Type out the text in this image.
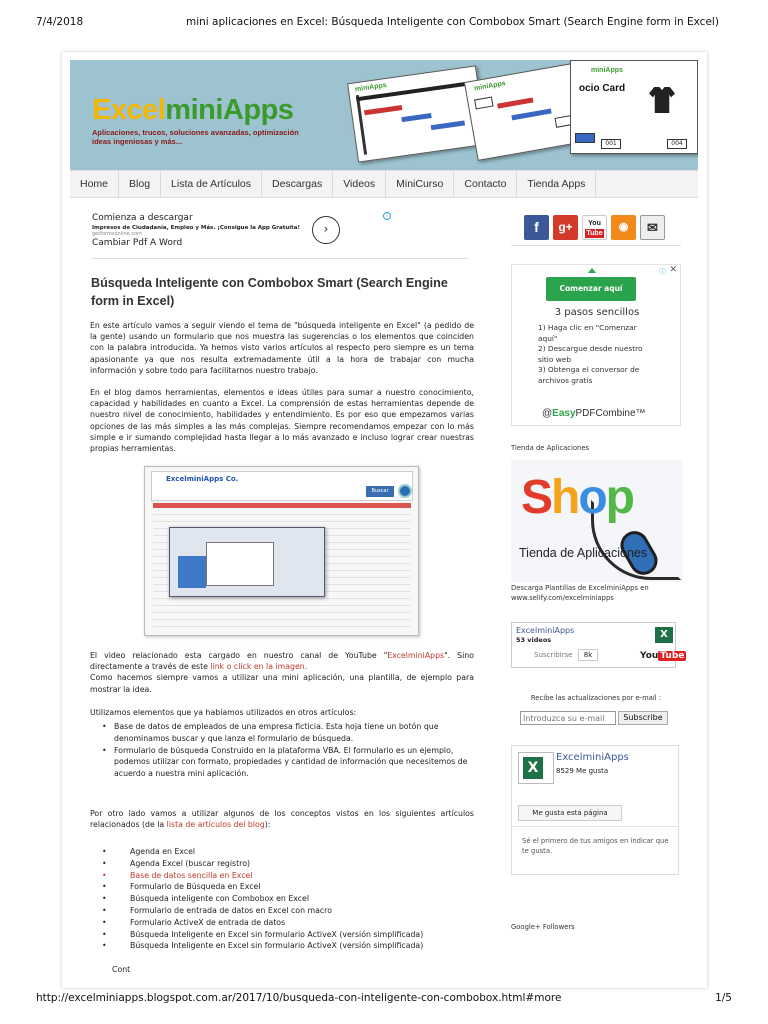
7/4/2018	mini aplicaciones en Excel: Búsqueda Inteligente con Combobox Smart (Search Engine form in Excel)
ExcelminiApps
Aplicaciones, trucos, soluciones avanzadas, optimización ideas ingeniosas y más...
miniApps	miniApps
miniApps
ocio Card
001	004
Home	Blog	Lista de Artículos	Descargas	Videos	MiniCurso	Contacto	Tienda Apps
Comienza a descargar
Impresos de Ciudadanía, Empleo y Más. ¡Consigue la App Gratuita!
getformsonline.com
Cambiar Pdf A Word
›
i
Búsqueda Inteligente con Combobox Smart (Search Engine form in Excel)

En este artículo vamos a seguir viendo el tema de "búsqueda inteligente en Excel" (a pedido de la gente) usando un formulario que nos muestra las sugerencias o los elementos que coinciden con la palabra introducida. Ya hemos visto varios artículos al respecto pero siempre es un tema apasionante ya que nos resulta extremadamente útil a la hora de trabajar con mucha información y sobre todo para facilitarnos nuestro trabajo.

En el blog damos herramientas, elementos e ideas útiles para sumar a nuestro conocimiento, capacidad y habilidades en cuanto a Excel. La comprensión de estas herramientas depende de nuestro nivel de conocimiento, habilidades y entendimiento. Es por eso que empezamos varias opciones de las más simples a las más complejas. Siempre recomendamos empezar con lo más simple e ir sumando complejidad hasta llegar a lo más avanzado e incluso lograr crear nuestras propias herramientas.

ExcelminiApps Co.
Buscar

El video relacionado esta cargado en nuestro canal de YouTube "ExcelminiApps". Sino directamente a través de este link o click en la imagen.
Como hacemos siempre vamos a utilizar una mini aplicación, una plantilla, de ejemplo para mostrar la idea.

Utilizamos elementos que ya habíamos utilizados en otros artículos:

• Base de datos de empleados de una empresa ficticia. Esta hoja tiene un botón que denominamos buscar y que lanza el formulario de búsqueda.
• Formulario de búsqueda Construido en la plataforma VBA. El formulario es un ejemplo, podemos utilizar con formato, propiedades y cantidad de información que necesitemos de acuerdo a nuestra mini aplicación.

Por otro lado vamos a utilizar algunos de los conceptos vistos en los siguientes artículos relacionados (de la lista de artículos del blog):

• Agenda en Excel
• Agenda Excel (buscar registro)
• Base de datos sencilla en Excel
• Formulario de Búsqueda en Excel
• Búsqueda inteligente con Combobox en Excel
• Formulario de entrada de datos en Excel con macro
• Formulario ActiveX de entrada de datos
• Búsqueda Inteligente en Excel sin formulario ActiveX (versión simplificada)
• Búsqueda Inteligente en Excel sin formulario ActiveX (versión simplificada)
Cont
f	g+	You
Tube
◉	✉
ⓘ ✕
Comenzar aquí
3 pasos sencillos
1) Haga clic en "Comenzar aquí"
2) Descargue desde nuestro sitio web
3) Obtenga el conversor de archivos gratis
@EasyPDFCombine™
Tienda de Aplicaciones
Shop
Tienda de Aplicaciones
Descarga Plantillas de ExcelminiApps en www.sellfy.com/excelminiapps
ExcelminiApps
53 videos
Suscribirse	8k
X
You Tube
Recibe las actualizaciones por e-mail :
Introduzca su e-mail
Subscribe
X
ExcelminiApps
8529 Me gusta
Me gusta esta página
Sé el primero de tus amigos en indicar que te gusta.
Google+ Followers
http://excelminiapps.blogspot.com.ar/2017/10/busqueda-con-inteligente-con-combobox.html#more	1/5
